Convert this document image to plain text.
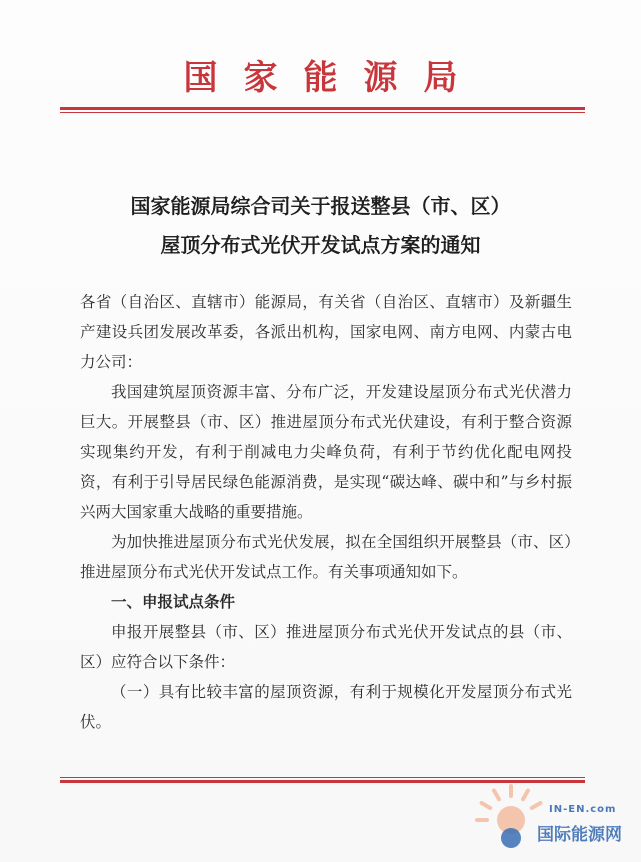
国家能源局
国家能源局综合司关于报送整县（市、区）
屋顶分布式光伏开发试点方案的通知

各省（自治区、直辖市）能源局，有关省（自治区、直辖市）及新疆生产建设兵团发展改革委，各派出机构，国家电网、南方电网、内蒙古电力公司：

我国建筑屋顶资源丰富、分布广泛，开发建设屋顶分布式光伏潜力巨大。开展整县（市、区）推进屋顶分布式光伏建设，有利于整合资源实现集约开发，有利于削减电力尖峰负荷，有利于节约优化配电网投资，有利于引导居民绿色能源消费，是实现“碳达峰、碳中和”与乡村振兴两大国家重大战略的重要措施。

为加快推进屋顶分布式光伏发展，拟在全国组织开展整县（市、区）推进屋顶分布式光伏开发试点工作。有关事项通知如下。

一、申报试点条件

申报开展整县（市、区）推进屋顶分布式光伏开发试点的县（市、区）应符合以下条件：

（一）具有比较丰富的屋顶资源，有利于规模化开发屋顶分布式光伏。

IN-EN.com
国际能源网
